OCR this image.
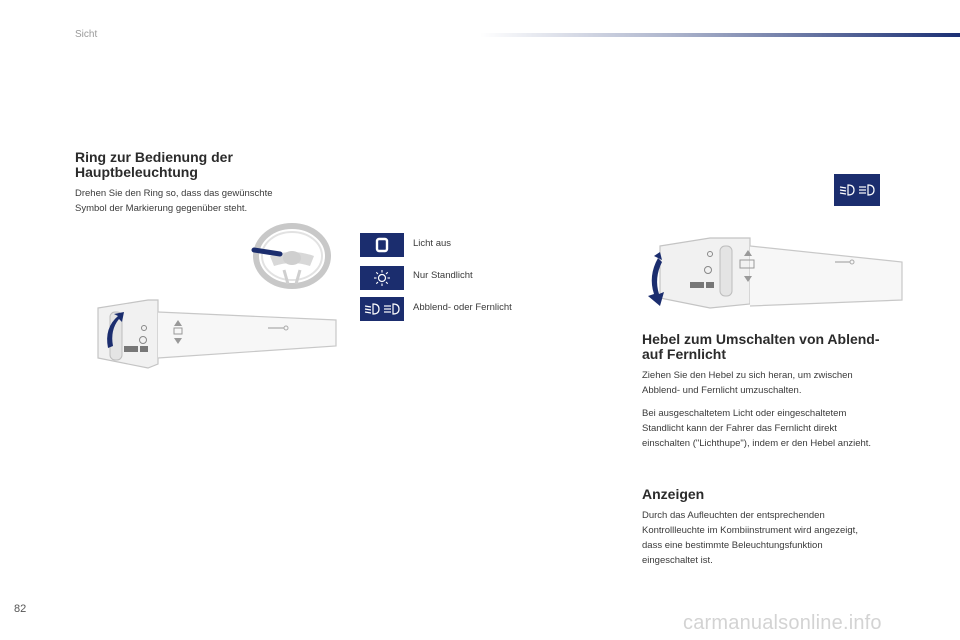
Sicht
Ring zur Bedienung der
Hauptbeleuchtung

Drehen Sie den Ring so, dass das gewünschte
Symbol der Markierung gegenüber steht.

Licht aus
Nur Standlicht
Abblend- oder Fernlicht
Hebel zum Umschalten von Ablend-
auf Fernlicht

Ziehen Sie den Hebel zu sich heran, um zwischen
Abblend- und Fernlicht umzuschalten.

Bei ausgeschaltetem Licht oder eingeschaltetem
Standlicht kann der Fahrer das Fernlicht direkt
einschalten ("Lichthupe"), indem er den Hebel anzieht.

Anzeigen

Durch das Aufleuchten der entsprechenden
Kontrollleuchte im Kombiinstrument wird angezeigt,
dass eine bestimmte Beleuchtungsfunktion
eingeschaltet ist.

82
carmanualsonline.info
